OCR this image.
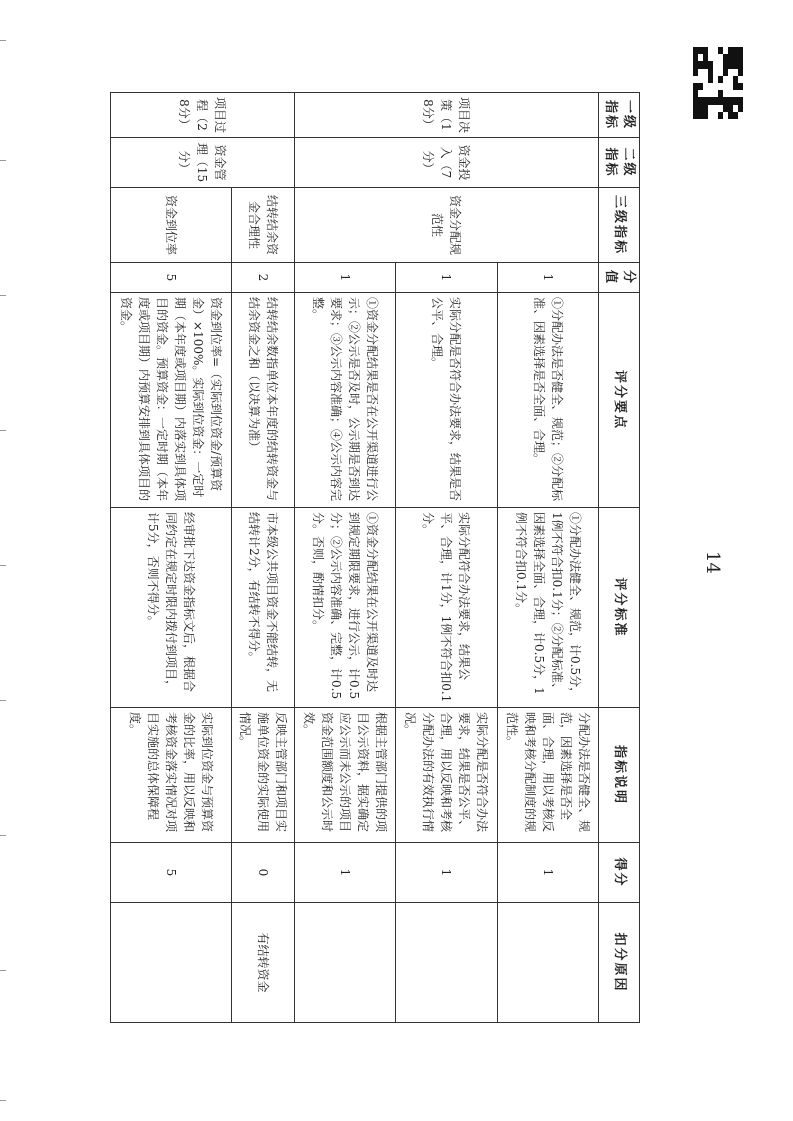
14
一级指标	二级指标	三级指标	分值	评分要点	评分标准	指标说明	得分	扣分原因
项目决策（18分）	资金投入（7分）	资金分配规范性	1	①分配办法是否健全、规范；②分配标准、因素选择是否全面、合理。	①分配办法健全、规范，计0.5分，1例不符合扣0.1分；②分配标准、因素选择全面、合理，计0.5分，1例不符合扣0.1分。	分配办法是否健全、规范，因素选择是否全面、合理，用以考核反映和考核分配制度的规范性。	1	
			1	实际分配是否符合办法要求，结果是否公平、合理。	实际分配符合办法要求，结果公平、合理，计1分，1例不符合扣0.1分。	实际分配是否符合办法要求，结果是否公平、合理，用以反映和考核分配办法的有效执行情况。	1	
			1	①资金分配结果是否在公开渠道进行公示；②公示是否及时，公示期是否到达要求；③公示内容准确；④公示内容完整。	①资金分配结果在公开渠道及时达到规定期限要求，进行公示，计0.5分；②公示内容准确、完整，计0.5分。否则，酌情扣分。	根据主管部门提供的项目公示资料，据实确定应公示而未公示的项目资金范围额度和公示时效。	1	
项目过程（28分）	资金管理（15分）	结转结余资金合理性	2	结转结余数指单位本年度的结转资金与结余资金之和（以决算为准）	市本级公共项目资金不能结转，无结转计2分，有结转不得分。	反映主管部门和项目实施单位资金的实际使用情况。	0	有结转资金
		资金到位率	5	资金到位率=（实际到位资金/预算资金）×100%。实际到位资金：一定时期（本年度或项目期）内落实到具体项目的资金。预算资金：一定时期（本年度或项目期）内预算安排到具体项目的资金。	经审批下达资金指标文后，根据合同约定在规定时限内拨付到项目，计5分，否则不得分。	实际到位资金与预算资金的比率，用以反映和考核资金落实情况对项目实施的总体保障程度。	5	
